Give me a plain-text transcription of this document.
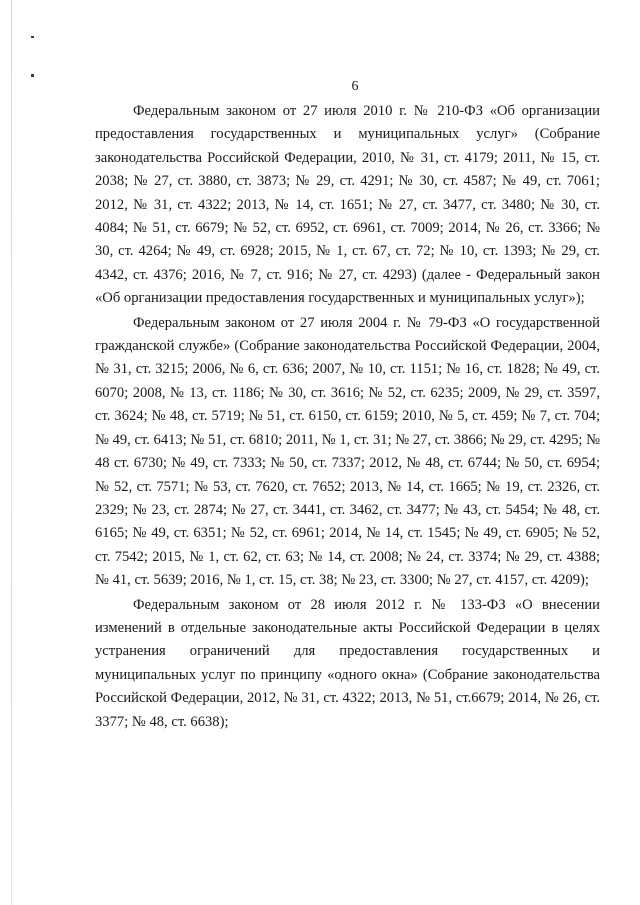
6

Федеральным законом от 27 июля 2010 г. № 210-ФЗ «Об организации предоставления государственных и муниципальных услуг» (Собрание законодательства Российской Федерации, 2010, № 31, ст. 4179; 2011, № 15, ст. 2038; № 27, ст. 3880, ст. 3873; № 29, ст. 4291; № 30, ст. 4587; № 49, ст. 7061; 2012, № 31, ст. 4322; 2013, № 14, ст. 1651; № 27, ст. 3477, ст. 3480; № 30, ст. 4084; № 51, ст. 6679; № 52, ст. 6952, ст. 6961, ст. 7009; 2014, № 26, ст. 3366; № 30, ст. 4264; № 49, ст. 6928; 2015, № 1, ст. 67, ст. 72; № 10, ст. 1393; № 29, ст. 4342, ст. 4376; 2016, № 7, ст. 916; № 27, ст. 4293) (далее - Федеральный закон «Об организации предоставления государственных и муниципальных услуг»);

Федеральным законом от 27 июля 2004 г. № 79-ФЗ «О государственной гражданской службе» (Собрание законодательства Российской Федерации, 2004, № 31, ст. 3215; 2006, № 6, ст. 636; 2007, № 10, ст. 1151; № 16, ст. 1828; № 49, ст. 6070; 2008, № 13, ст. 1186; № 30, ст. 3616; № 52, ст. 6235; 2009, № 29, ст. 3597, ст. 3624; № 48, ст. 5719; № 51, ст. 6150, ст. 6159; 2010, № 5, ст. 459; № 7, ст. 704; № 49, ст. 6413; № 51, ст. 6810; 2011, № 1, ст. 31; № 27, ст. 3866; № 29, ст. 4295; № 48 ст. 6730; № 49, ст. 7333; № 50, ст. 7337; 2012, № 48, ст. 6744; № 50, ст. 6954; № 52, ст. 7571; № 53, ст. 7620, ст. 7652; 2013, № 14, ст. 1665; № 19, ст. 2326, ст. 2329; № 23, ст. 2874; № 27, ст. 3441, ст. 3462, ст. 3477; № 43, ст. 5454; № 48, ст. 6165; № 49, ст. 6351; № 52, ст. 6961; 2014, № 14, ст. 1545; № 49, ст. 6905; № 52, ст. 7542; 2015, № 1, ст. 62, ст. 63; № 14, ст. 2008; № 24, ст. 3374; № 29, ст. 4388; № 41, ст. 5639; 2016, № 1, ст. 15, ст. 38; № 23, ст. 3300; № 27, ст. 4157, ст. 4209);

Федеральным законом от 28 июля 2012 г. № 133-ФЗ «О внесении изменений в отдельные законодательные акты Российской Федерации в целях устранения ограничений для предоставления государственных и муниципальных услуг по принципу «одного окна» (Собрание законодательства Российской Федерации, 2012, № 31, ст. 4322; 2013, № 51, ст.6679; 2014, № 26, ст. 3377; № 48, ст. 6638);
